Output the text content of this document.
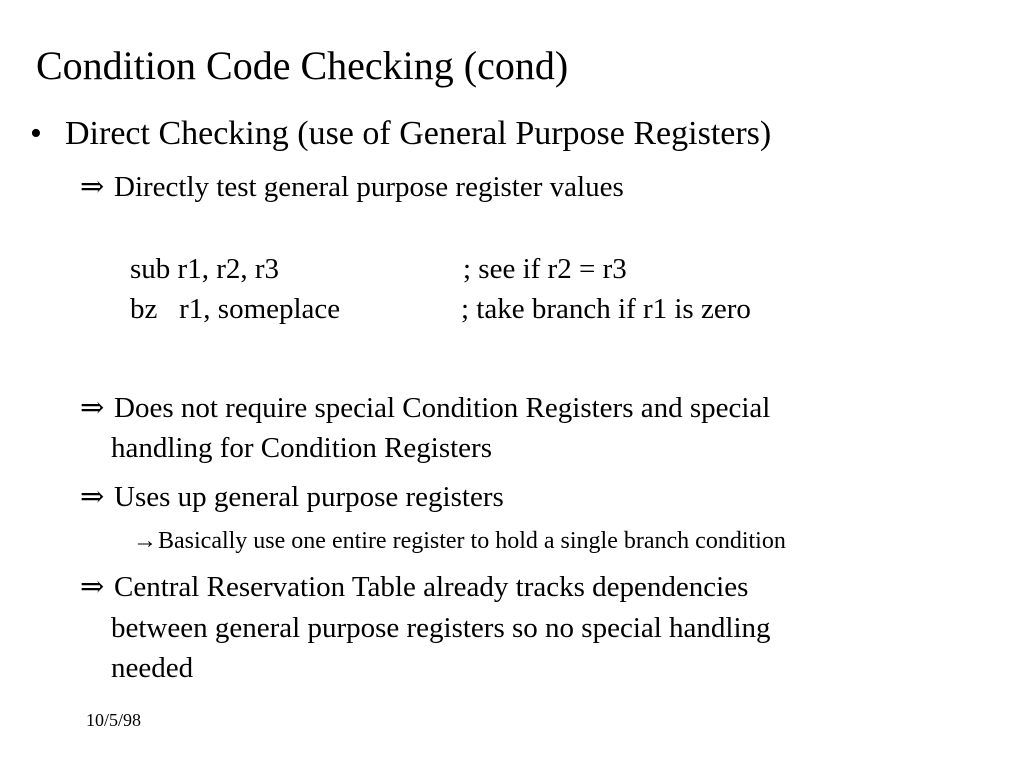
Condition Code Checking (cond)
• Direct Checking (use of General Purpose Registers)
⇒ Directly test general purpose register values
sub r1, r2, r3	; see if r2 = r3
bz   r1, someplace	; take branch if r1 is zero
⇒ Does not require special Condition Registers and special
handling for Condition Registers
⇒ Uses up general purpose registers
→Basically use one entire register to hold a single branch condition
⇒ Central Reservation Table already tracks dependencies
between general purpose registers so no special handling
needed
10/5/98
